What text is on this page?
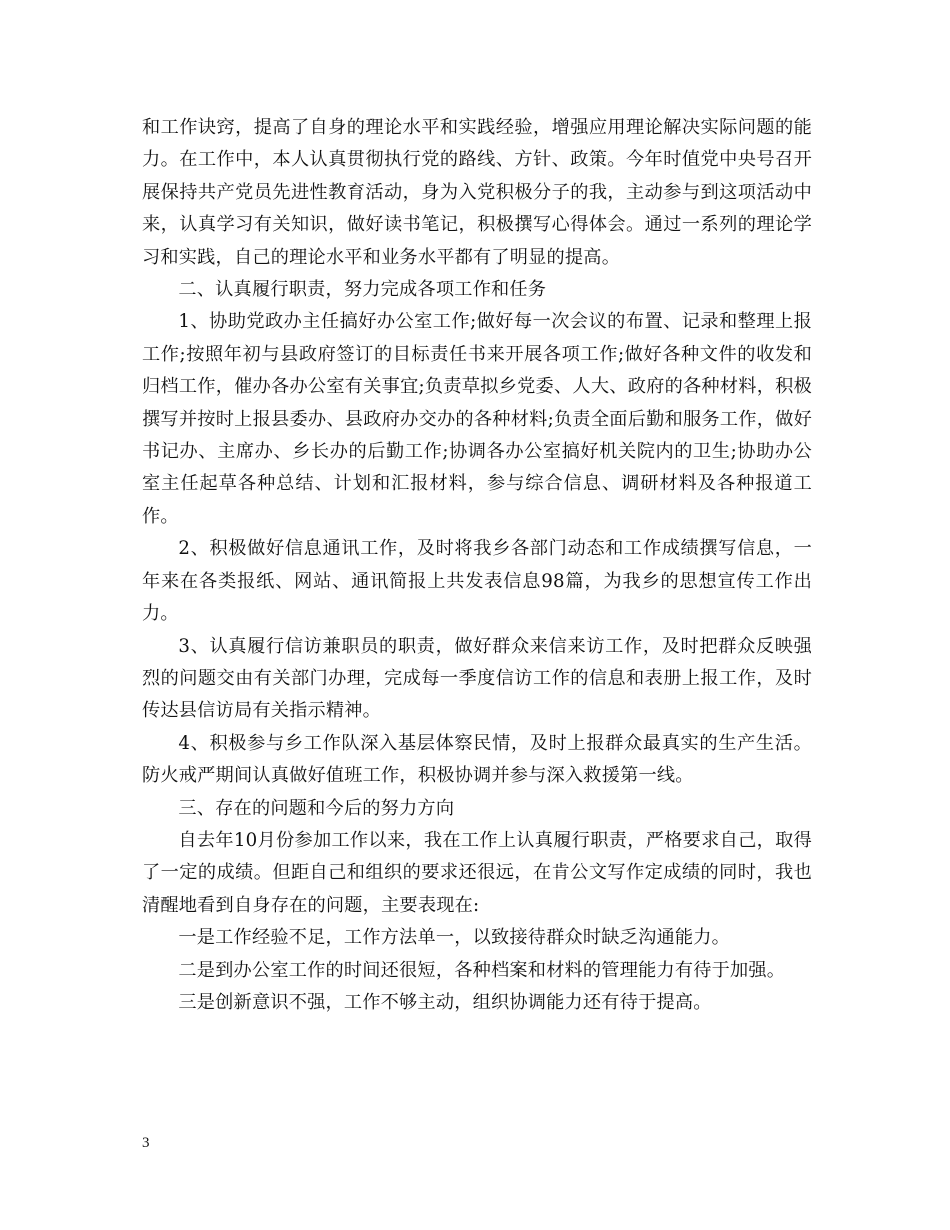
和工作诀窍，提高了自身的理论水平和实践经验，增强应用理论解决实际问题的能力。在工作中，本人认真贯彻执行党的路线、方针、政策。今年时值党中央号召开展保持共产党员先进性教育活动，身为入党积极分子的我，主动参与到这项活动中来，认真学习有关知识，做好读书笔记，积极撰写心得体会。通过一系列的理论学习和实践，自己的理论水平和业务水平都有了明显的提高。

二、认真履行职责，努力完成各项工作和任务

1、协助党政办主任搞好办公室工作;做好每一次会议的布置、记录和整理上报工作;按照年初与县政府签订的目标责任书来开展各项工作;做好各种文件的收发和归档工作，催办各办公室有关事宜;负责草拟乡党委、人大、政府的各种材料，积极撰写并按时上报县委办、县政府办交办的各种材料;负责全面后勤和服务工作，做好书记办、主席办、乡长办的后勤工作;协调各办公室搞好机关院内的卫生;协助办公室主任起草各种总结、计划和汇报材料，参与综合信息、调研材料及各种报道工作。

2、积极做好信息通讯工作，及时将我乡各部门动态和工作成绩撰写信息，一年来在各类报纸、网站、通讯简报上共发表信息98篇，为我乡的思想宣传工作出力。

3、认真履行信访兼职员的职责，做好群众来信来访工作，及时把群众反映强烈的问题交由有关部门办理，完成每一季度信访工作的信息和表册上报工作，及时传达县信访局有关指示精神。

4、积极参与乡工作队深入基层体察民情，及时上报群众最真实的生产生活。防火戒严期间认真做好值班工作，积极协调并参与深入救援第一线。

三、存在的问题和今后的努力方向

自去年10月份参加工作以来，我在工作上认真履行职责，严格要求自己，取得了一定的成绩。但距自己和组织的要求还很远，在肯公文写作定成绩的同时，我也清醒地看到自身存在的问题，主要表现在:

一是工作经验不足，工作方法单一，以致接待群众时缺乏沟通能力。

二是到办公室工作的时间还很短，各种档案和材料的管理能力有待于加强。

三是创新意识不强，工作不够主动，组织协调能力还有待于提高。

3
